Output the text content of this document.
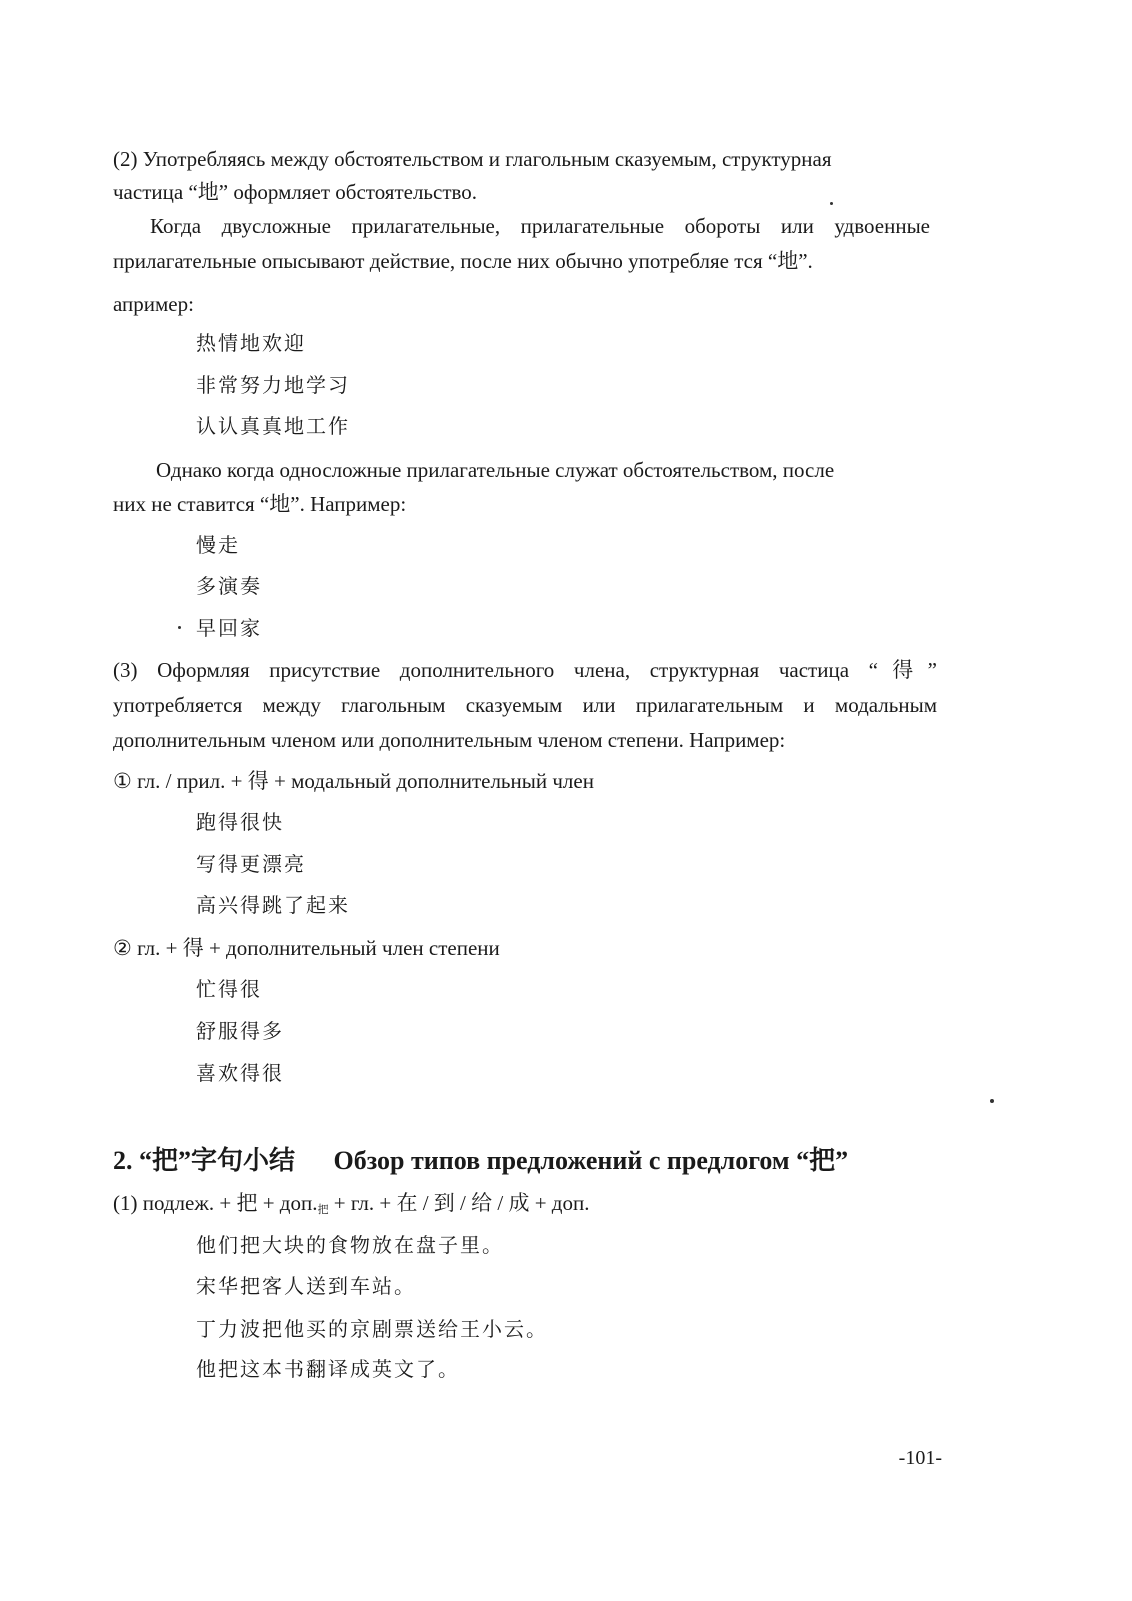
(2) Употребляясь между обстоятельством и глагольным сказуемым, структурная
частица “地” оформляет обстоятельство.
Когда двусложные прилагательные, прилагательные обороты или удвоенные
прилагательные опысывают действие, после них обычно употребляе тся “地”.
апример:
热情地欢迎
非常努力地学习
认认真真地工作
Однако когда односложные прилагательные служат обстоятельством, после
них не ставится “地”. Например:
慢走
多演奏
早回家
(3) Оформляя присутствие дополнительного члена, структурная частица “得”
употребляется между глагольным сказуемым или прилагательным и модальным
дополнительным членом или дополнительным членом степени. Например:
① гл. / прил. + 得 + модальный дополнительный член
跑得很快
写得更漂亮
高兴得跳了起来
② гл. + 得 + дополнительный член степени
忙得很
舒服得多
喜欢得很
2. “把”字句小结 Обзор типов предложений с предлогом “把”
(1) подлеж. + 把 + $доп._把$ + гл. + 在 / 到 / 给 / 成 + доп.
他们把大块的食物放在盘子里。
宋华把客人送到车站。
丁力波把他买的京剧票送给王小云。
他把这本书翻译成英文了。
-101-
